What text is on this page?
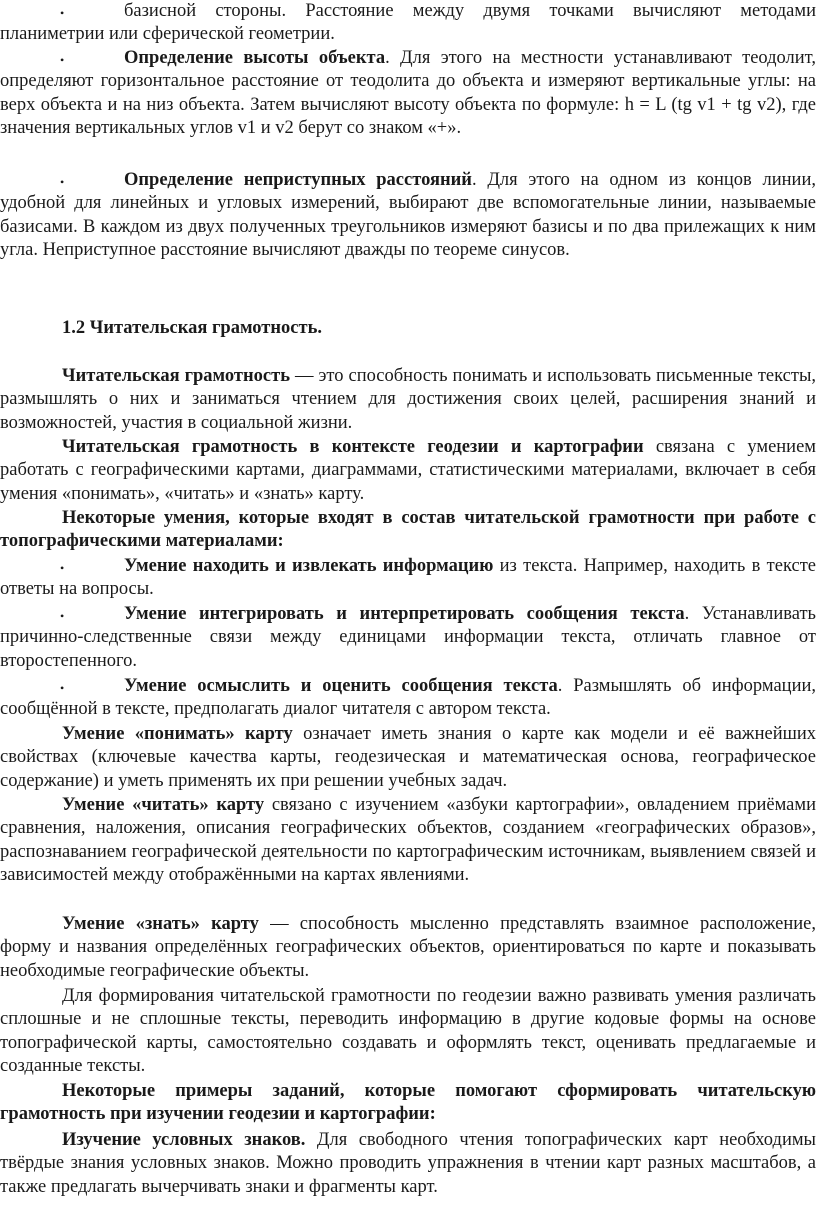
•	базисной стороны. Расстояние между двумя точками вычисляют методами планиметрии или сферической геометрии.

•	Определение высоты объекта. Для этого на местности устанавливают теодолит, определяют горизонтальное расстояние от теодолита до объекта и измеряют вертикальные углы: на верх объекта и на низ объекта. Затем вычисляют высоту объекта по формуле: h = L (tg v1 + tg v2), где значения вертикальных углов v1 и v2 берут со знаком «+».

•	Определение неприступных расстояний. Для этого на одном из концов линии, удобной для линейных и угловых измерений, выбирают две вспомогательные линии, называемые базисами. В каждом из двух полученных треугольников измеряют базисы и по два прилежащих к ним угла. Неприступное расстояние вычисляют дважды по теореме синусов.

1.2 Читательская грамотность.

Читательская грамотность — это способность понимать и использовать письменные тексты, размышлять о них и заниматься чтением для достижения своих целей, расширения знаний и возможностей, участия в социальной жизни.

Читательская грамотность в контексте геодезии и картографии связана с умением работать с географическими картами, диаграммами, статистическими материалами, включает в себя умения «понимать», «читать» и «знать» карту.

Некоторые умения, которые входят в состав читательской грамотности при работе с топографическими материалами:

•	Умение находить и извлекать информацию из текста. Например, находить в тексте ответы на вопросы.

•	Умение интегрировать и интерпретировать сообщения текста. Устанавливать причинно-следственные связи между единицами информации текста, отличать главное от второстепенного.

•	Умение осмыслить и оценить сообщения текста. Размышлять об информации, сообщённой в тексте, предполагать диалог читателя с автором текста.

Умение «понимать» карту означает иметь знания о карте как модели и её важнейших свойствах (ключевые качества карты, геодезическая и математическая основа, географическое содержание) и уметь применять их при решении учебных задач.

Умение «читать» карту связано с изучением «азбуки картографии», овладением приёмами сравнения, наложения, описания географических объектов, созданием «географических образов», распознаванием географической деятельности по картографическим источникам, выявлением связей и зависимостей между отображёнными на картах явлениями.

Умение «знать» карту — способность мысленно представлять взаимное расположение, форму и названия определённых географических объектов, ориентироваться по карте и показывать необходимые географические объекты.

Для формирования читательской грамотности по геодезии важно развивать умения различать сплошные и не сплошные тексты, переводить информацию в другие кодовые формы на основе топографической карты, самостоятельно создавать и оформлять текст, оценивать предлагаемые и созданные тексты.

Некоторые примеры заданий, которые помогают сформировать читательскую грамотность при изучении геодезии и картографии:

Изучение условных знаков. Для свободного чтения топографических карт необходимы твёрдые знания условных знаков. Можно проводить упражнения в чтении карт разных масштабов, а также предлагать вычерчивать знаки и фрагменты карт.
